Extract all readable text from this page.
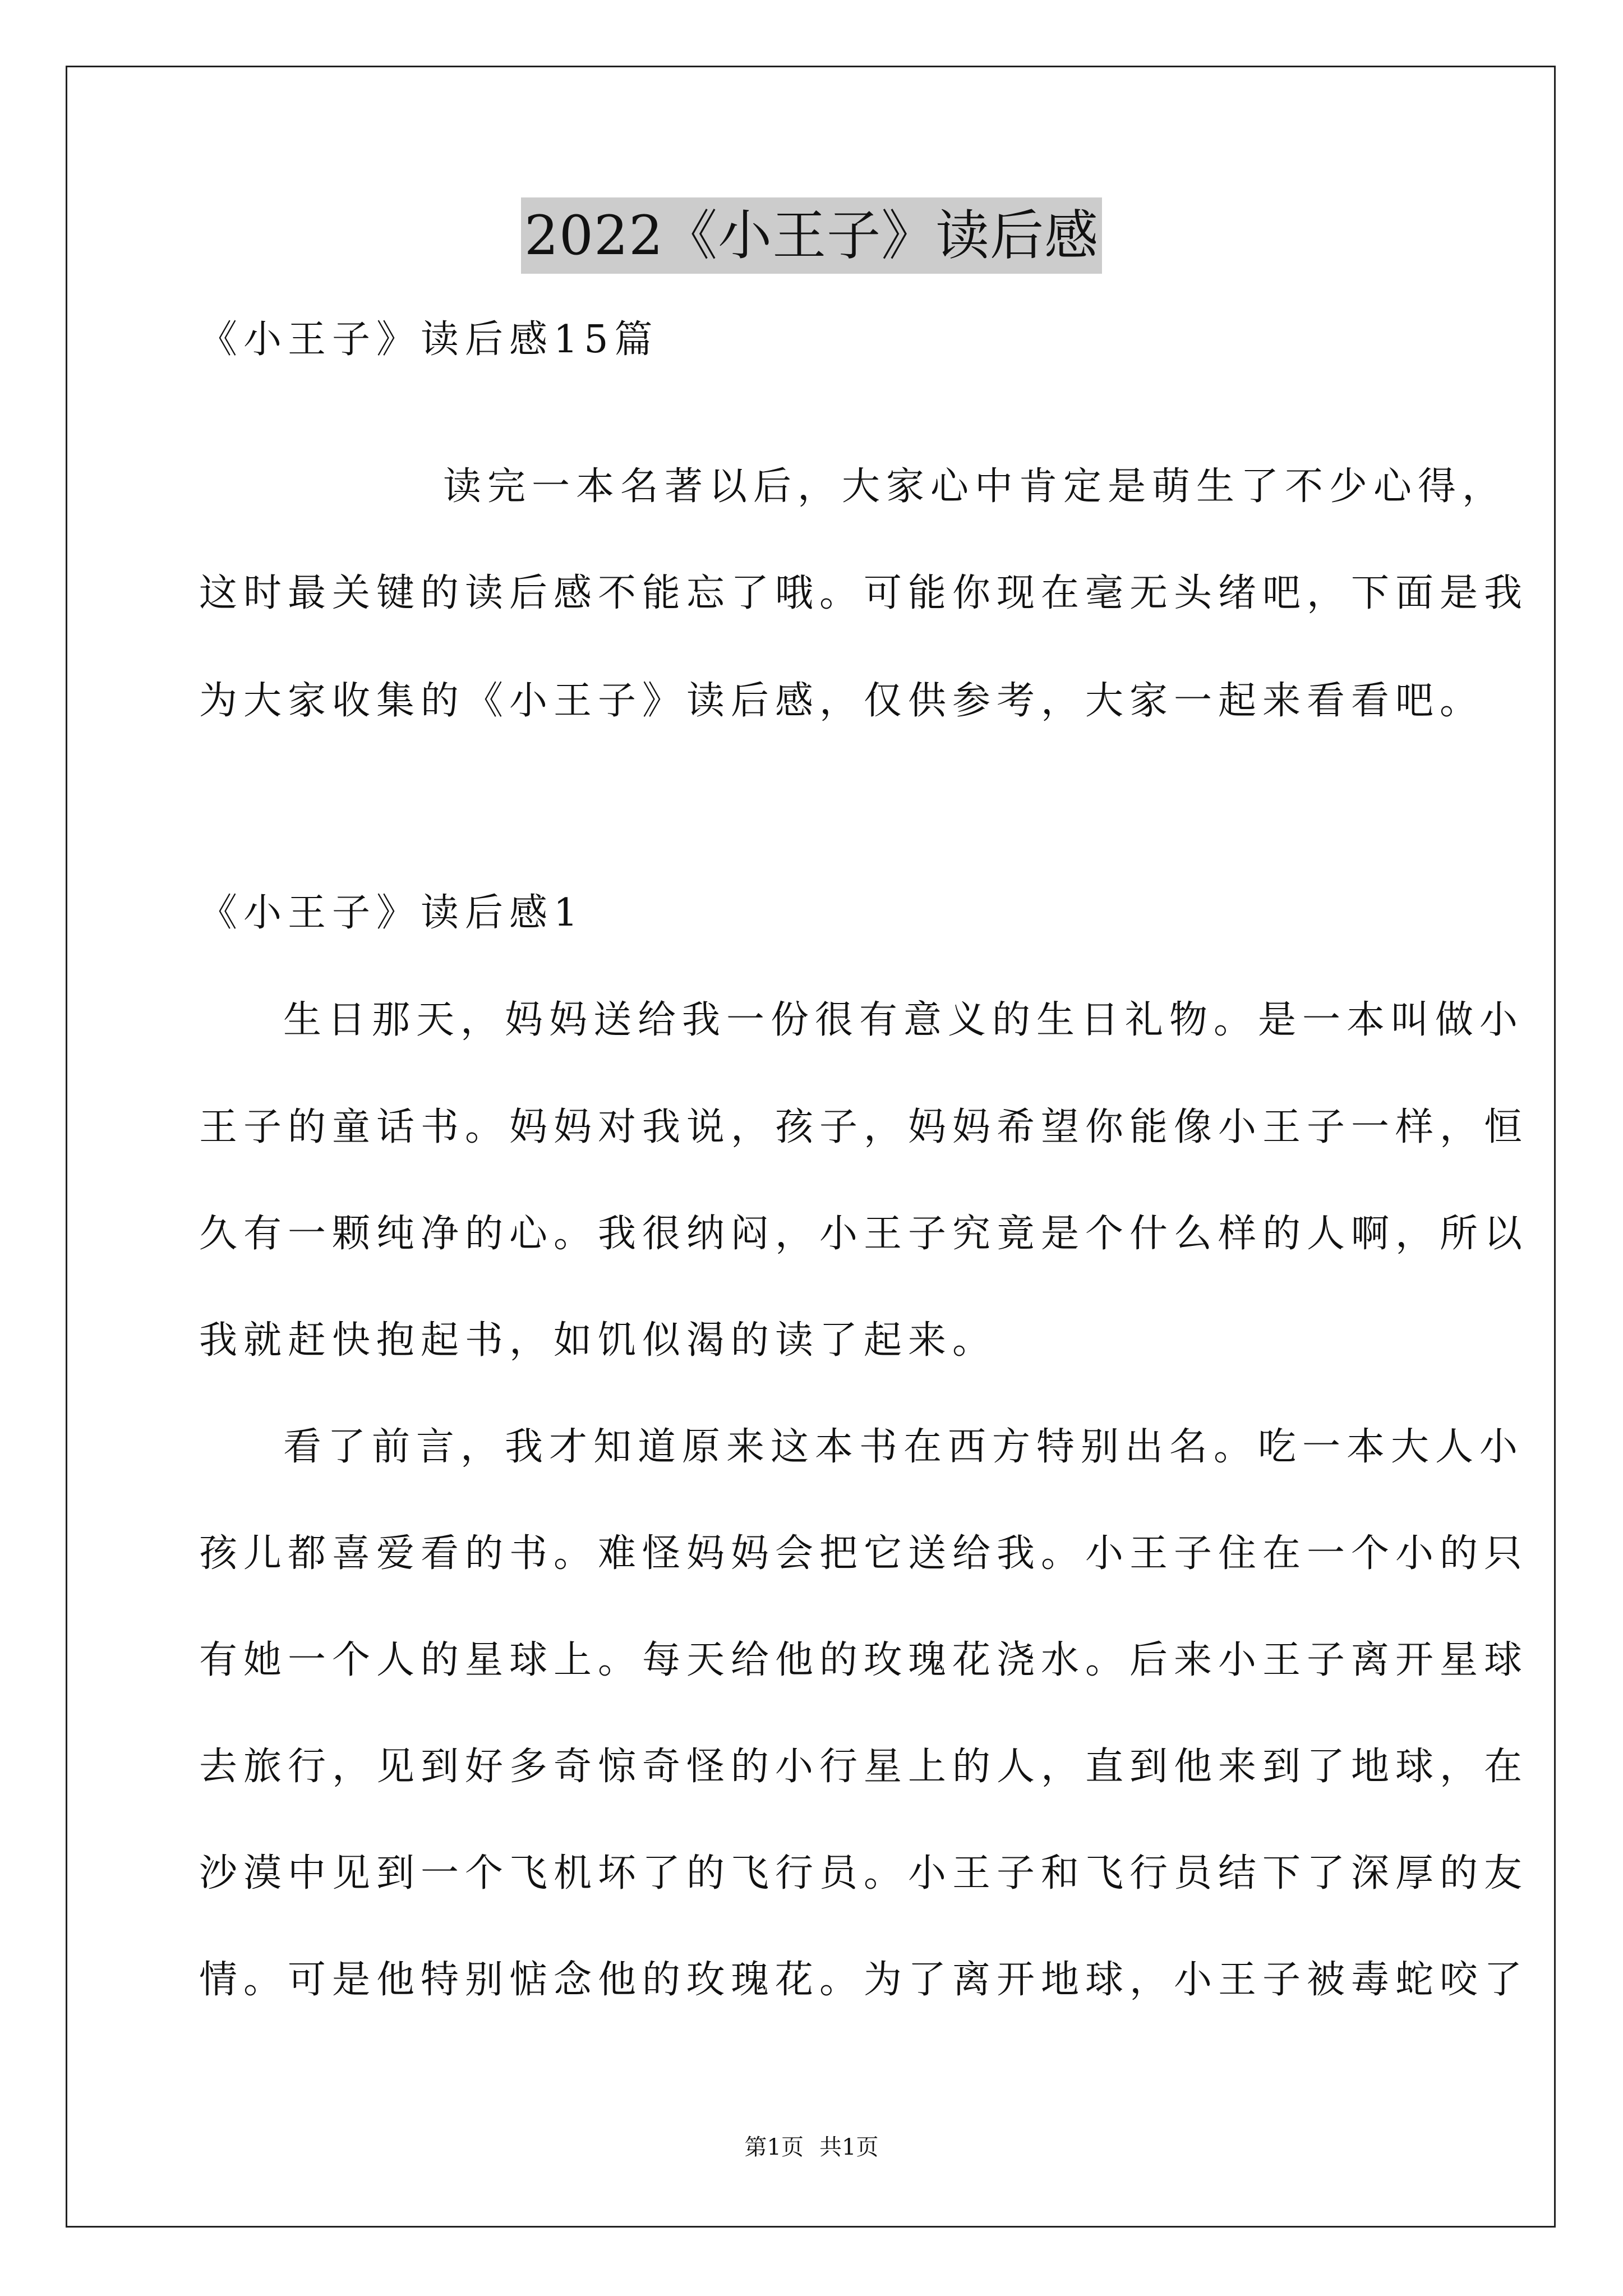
2022《小王子》读后感
《小王子》读后感15篇
读完一本名著以后，大家心中肯定是萌生了不少心得，
这时最关键的读后感不能忘了哦。可能你现在毫无头绪吧，下面是我
为大家收集的《小王子》读后感，仅供参考，大家一起来看看吧。
《小王子》读后感1
生日那天，妈妈送给我一份很有意义的生日礼物。是一本叫做小
王子的童话书。妈妈对我说，孩子，妈妈希望你能像小王子一样，恒
久有一颗纯净的心。我很纳闷，小王子究竟是个什么样的人啊，所以
我就赶快抱起书，如饥似渴的读了起来。
看了前言，我才知道原来这本书在西方特别出名。吃一本大人小
孩儿都喜爱看的书。难怪妈妈会把它送给我。小王子住在一个小的只
有她一个人的星球上。每天给他的玫瑰花浇水。后来小王子离开星球
去旅行，见到好多奇惊奇怪的小行星上的人，直到他来到了地球，在
沙漠中见到一个飞机坏了的飞行员。小王子和飞行员结下了深厚的友
情。可是他特别惦念他的玫瑰花。为了离开地球，小王子被毒蛇咬了
第1页 共1页
